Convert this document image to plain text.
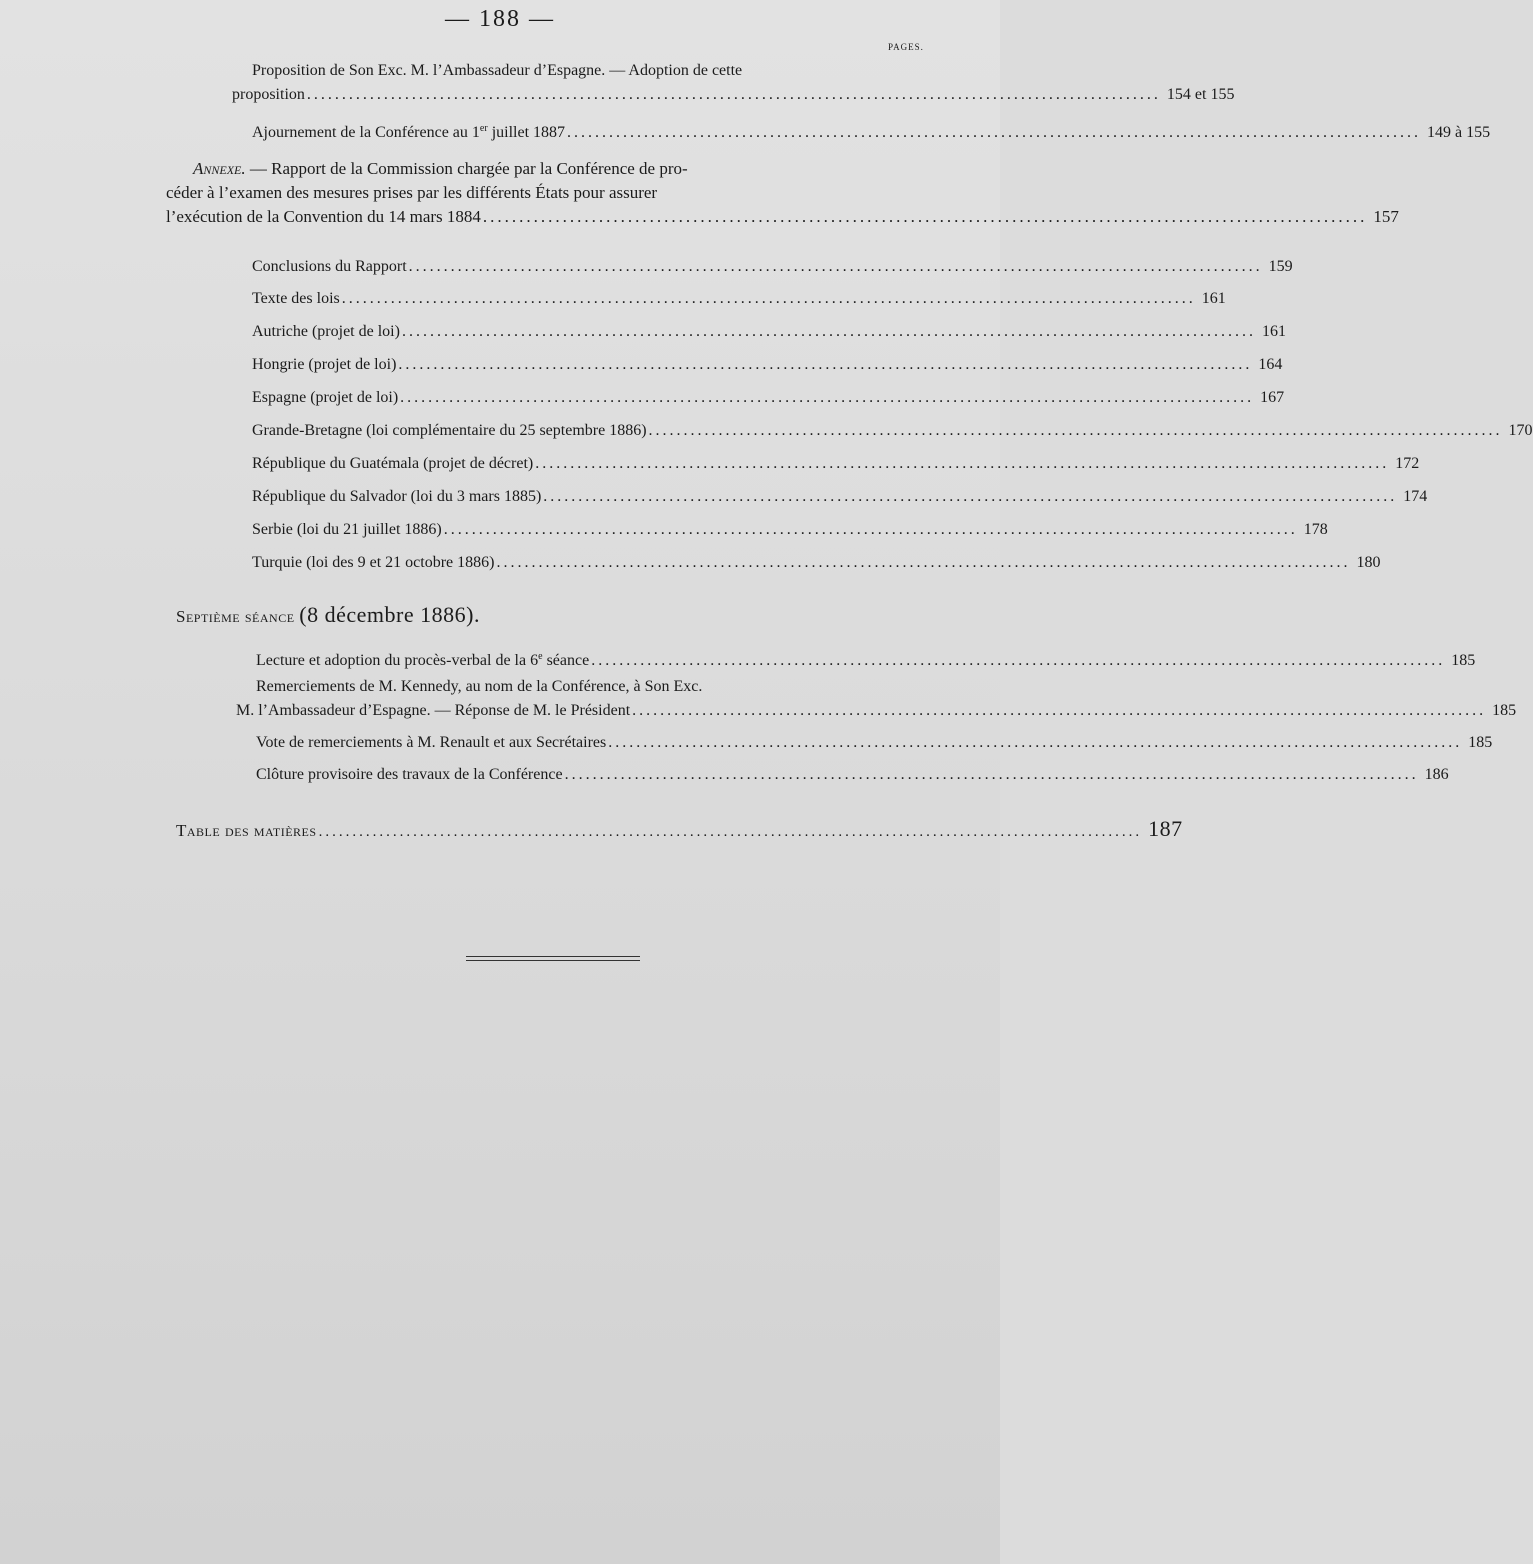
— 188 —
PAGES.
Proposition de Son Exc. M. l’Ambassadeur d’Espagne. — Adoption de cette
proposition .......................................................................................................................... 154 et 155
Ajournement de la Conférence au 1er juillet 1887 .......................................................................................................................... 149 à 155
Annexe. — Rapport de la Commission chargée par la Conférence de pro-
céder à l’examen des mesures prises par les différents États pour assurer
l’exécution de la Convention du 14 mars 1884 .......................................................................................................................... 157
Conclusions du Rapport .......................................................................................................................... 159
Texte des lois .......................................................................................................................... 161
Autriche (projet de loi) .......................................................................................................................... 161
Hongrie (projet de loi) .......................................................................................................................... 164
Espagne (projet de loi) .......................................................................................................................... 167
Grande-Bretagne (loi complémentaire du 25 septembre 1886) .......................................................................................................................... 170
République du Guatémala (projet de décret) .......................................................................................................................... 172
République du Salvador (loi du 3 mars 1885) .......................................................................................................................... 174
Serbie (loi du 21 juillet 1886) .......................................................................................................................... 178
Turquie (loi des 9 et 21 octobre 1886) .......................................................................................................................... 180
Septième séance (8 décembre 1886).
Lecture et adoption du procès-verbal de la 6e séance .......................................................................................................................... 185
Remerciements de M. Kennedy, au nom de la Conférence, à Son Exc.
M. l’Ambassadeur d’Espagne. — Réponse de M. le Président .......................................................................................................................... 185
Vote de remerciements à M. Renault et aux Secrétaires .......................................................................................................................... 185
Clôture provisoire des travaux de la Conférence .......................................................................................................................... 186
Table des matières .......................................................................................................................... 187
